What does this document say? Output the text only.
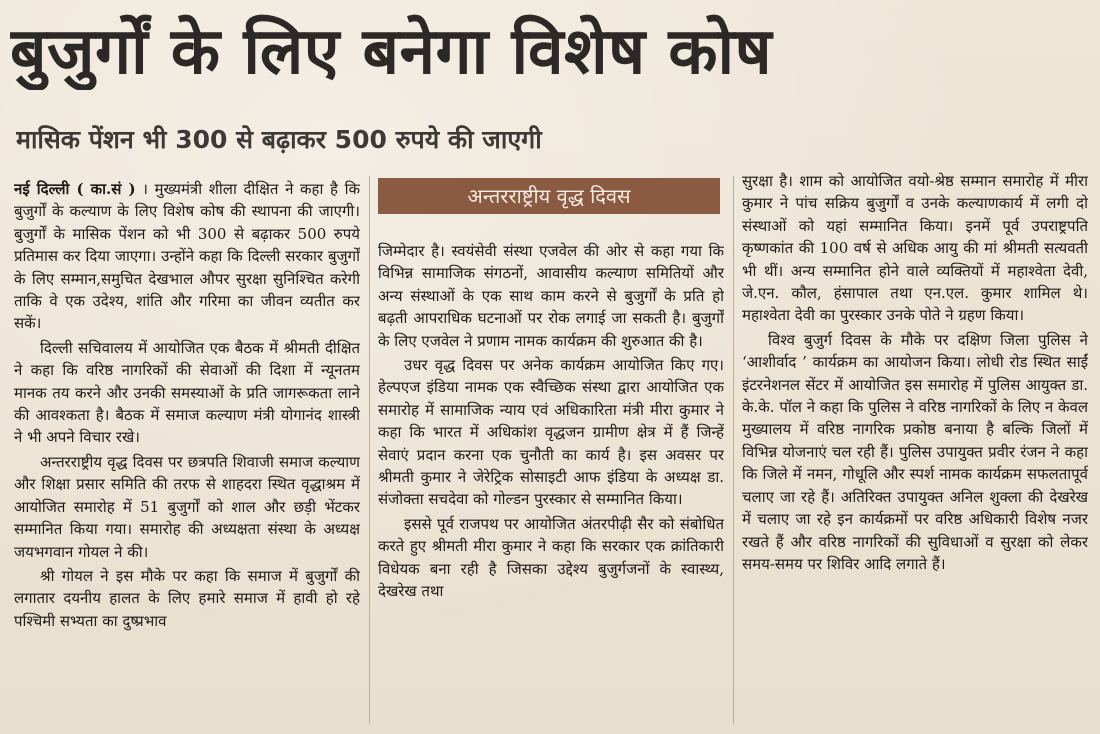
बुजुर्गों के लिए बनेगा विशेष कोष
मासिक पेंशन भी 300 से बढ़ाकर 500 रुपये की जाएगी

नई दिल्ली ( का.सं ) । मुख्यमंत्री शीला दीक्षित ने कहा है कि बुजुर्गों के कल्याण के लिए विशेष कोष की स्थापना की जाएगी। बुजुर्गों के मासिक पेंशन को भी 300 से बढ़ाकर 500 रुपये प्रतिमास कर दिया जाएगा। उन्होंने कहा कि दिल्ली सरकार बुजुर्गों के लिए सम्मान,समुचित देखभाल औपर सुरक्षा सुनिश्चित करेगी ताकि वे एक उदेश्य, शांति और गरिमा का जीवन व्यतीत कर सकें।

दिल्ली सचिवालय में आयोजित एक बैठक में श्रीमती दीक्षित ने कहा कि वरिष्ठ नागरिकों की सेवाओं की दिशा में न्यूनतम मानक तय करने और उनकी समस्याओं के प्रति जागरूकता लाने की आवश्कता है। बैठक में समाज कल्याण मंत्री योगानंद शास्त्री ने भी अपने विचार रखे।

अन्तरराष्ट्रीय वृद्ध दिवस पर छत्रपति शिवाजी समाज कल्याण और शिक्षा प्रसार समिति की तरफ से शाहदरा स्थित वृद्धाश्रम में आयोजित समारोह में 51 बुजुर्गों को शाल और छड़ी भेंटकर सम्मानित किया गया। समारोह की अध्यक्षता संस्था के अध्यक्ष जयभगवान गोयल ने की।

श्री गोयल ने इस मौके पर कहा कि समाज में बुजुर्गों की लगातार दयनीय हालत के लिए हमारे समाज में हावी हो रहे पश्चिमी सभ्यता का दुष्प्रभाव

अन्तरराष्ट्रीय वृद्ध दिवस

जिम्मेदार है। स्वयंसेवी संस्था एजवेल की ओर से कहा गया कि विभिन्न सामाजिक संगठनों, आवासीय कल्याण समितियों और अन्य संस्थाओं के एक साथ काम करने से बुजुर्गों के प्रति हो बढ़ती आपराधिक घटनाओं पर रोक लगाई जा सकती है। बुजुर्गों के लिए एजवेल ने प्रणाम नामक कार्यक्रम की शुरुआत की है।

उधर वृद्ध दिवस पर अनेक कार्यक्रम आयोजित किए गए। हेल्पएज इंडिया नामक एक स्वैच्छिक संस्था द्वारा आयोजित एक समारोह में सामाजिक न्याय एवं अधिकारिता मंत्री मीरा कुमार ने कहा कि भारत में अधिकांश वृद्धजन ग्रामीण क्षेत्र में हैं जिन्हें सेवाएं प्रदान करना एक चुनौती का कार्य है। इस अवसर पर श्रीमती कुमार ने जेरेट्रिक सोसाइटी आफ इंडिया के अध्यक्ष डा. संजोक्ता सचदेवा को गोल्डन पुरस्कार से सम्मानित किया।

इससे पूर्व राजपथ पर आयोजित अंतरपीढ़ी सैर को संबोधित करते हुए श्रीमती मीरा कुमार ने कहा कि सरकार एक क्रांतिकारी विधेयक बना रही है जिसका उद्देश्य बुजुर्गजनों के स्वास्थ्य, देखरेख तथा

सुरक्षा है। शाम को आयोजित वयो-श्रेष्ठ सम्मान समारोह में मीरा कुमार ने पांच सक्रिय बुजुर्गों व उनके कल्याणकार्य में लगी दो संस्थाओं को यहां सम्मानित किया। इनमें पूर्व उपराष्ट्रपति कृष्णकांत की 100 वर्ष से अधिक आयु की मां श्रीमती सत्यवती भी थीं। अन्य सम्मानित होने वाले व्यक्तियों में महाश्वेता देवी, जे.एन. कौल, हंसापाल तथा एन.एल. कुमार शामिल थे। महाश्वेता देवी का पुरस्कार उनके पोते ने ग्रहण किया।

विश्व बुजुर्ग दिवस के मौके पर दक्षिण जिला पुलिस ने ‘आशीर्वाद ’ कार्यक्रम का आयोजन किया। लोधी रोड स्थित साईं इंटरनेशनल सेंटर में आयोजित इस समारोह में पुलिस आयुक्त डा. के.के. पॉल ने कहा कि पुलिस ने वरिष्ठ नागरिकों के लिए न केवल मुख्यालय में वरिष्ठ नागरिक प्रकोष्ठ बनाया है बल्कि जिलों में विभिन्न योजनाएं चल रही हैं। पुलिस उपायुक्त प्रवीर रंजन ने कहा कि जिले में नमन, गोधूलि और स्पर्श नामक कार्यक्रम सफलतापूर्व चलाए जा रहे हैं। अतिरिक्त उपायुक्त अनिल शुक्ला की देखरेख में चलाए जा रहे इन कार्यक्रमों पर वरिष्ठ अधिकारी विशेष नजर रखते हैं और वरिष्ठ नागरिकों की सुविधाओं व सुरक्षा को लेकर समय-समय पर शिविर आदि लगाते हैं।
